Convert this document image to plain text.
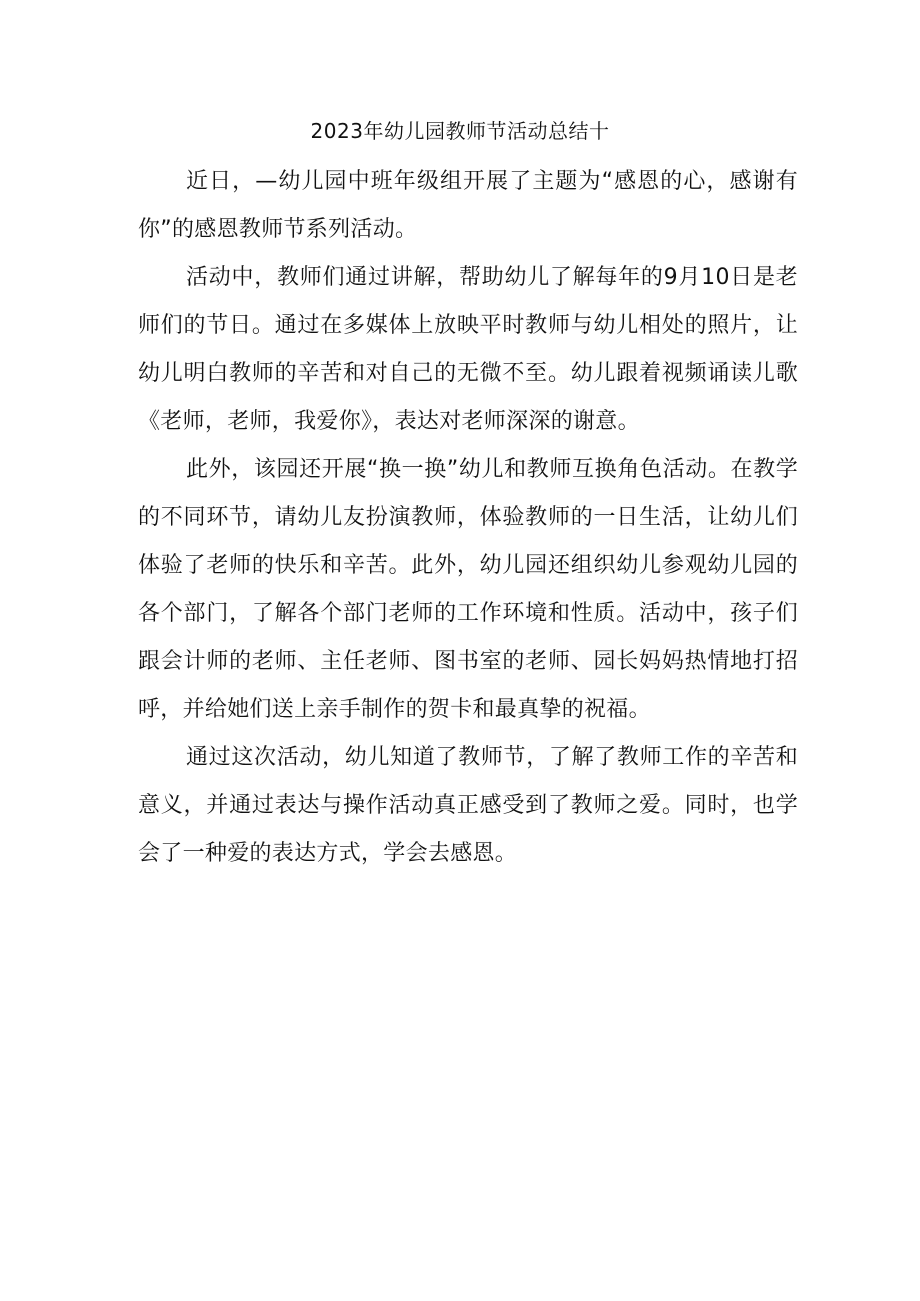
2023年幼儿园教师节活动总结十

近日，—幼儿园中班年级组开展了主题为“感恩的心，感谢有你”的感恩教师节系列活动。

活动中，教师们通过讲解，帮助幼儿了解每年的9月10日是老师们的节日。通过在多媒体上放映平时教师与幼儿相处的照片，让幼儿明白教师的辛苦和对自己的无微不至。幼儿跟着视频诵读儿歌《老师，老师，我爱你》，表达对老师深深的谢意。

此外，该园还开展“换一换”幼儿和教师互换角色活动。在教学的不同环节，请幼儿友扮演教师，体验教师的一日生活，让幼儿们体验了老师的快乐和辛苦。此外，幼儿园还组织幼儿参观幼儿园的各个部门，了解各个部门老师的工作环境和性质。活动中，孩子们跟会计师的老师、主任老师、图书室的老师、园长妈妈热情地打招呼，并给她们送上亲手制作的贺卡和最真挚的祝福。

通过这次活动，幼儿知道了教师节，了解了教师工作的辛苦和意义，并通过表达与操作活动真正感受到了教师之爱。同时，也学会了一种爱的表达方式，学会去感恩。
